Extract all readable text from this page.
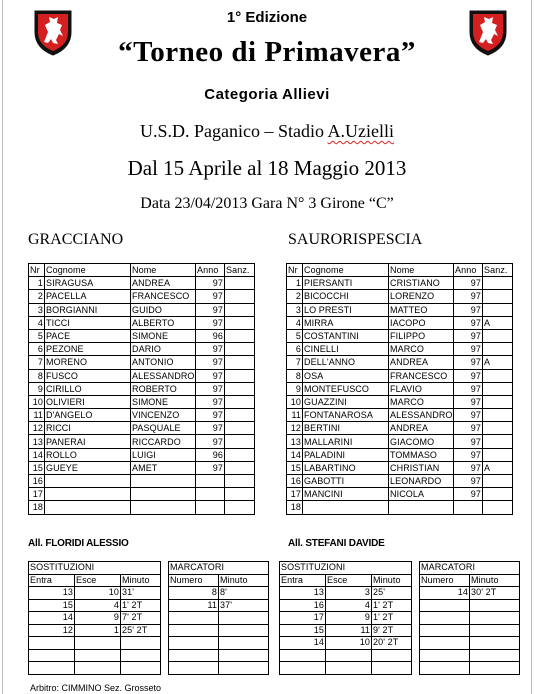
1° Edizione
“Torneo di Primavera”
Categoria Allievi
U.S.D. Paganico – Stadio A.Uzielli
Dal 15 Aprile al 18 Maggio 2013
Data 23/04/2013 Gara N° 3 Girone “C”
GRACCIANO	SAURORISPESCIA
Nr	Cognome	Nome	Anno	Sanz.
1	SIRAGUSA	ANDREA	97	
2	PACELLA	FRANCESCO	97	
3	BORGIANNI	GUIDO	97	
4	TICCI	ALBERTO	97	
5	PACE	SIMONE	96	
6	PEZONE	DARIO	97	
7	MORENO	ANTONIO	97	
8	FUSCO	ALESSANDRO	97	
9	CIRILLO	ROBERTO	97	
10	OLIVIERI	SIMONE	97	
11	D'ANGELO	VINCENZO	97	
12	RICCI	PASQUALE	97	
13	PANERAI	RICCARDO	97	
14	ROLLO	LUIGI	96	
15	GUEYE	AMET	97	
16				
17				
18				
Nr	Cognome	Nome	Anno	Sanz.
1	PIERSANTI	CRISTIANO	97	
2	BICOCCHI	LORENZO	97	
3	LO PRESTI	MATTEO	97	
4	MIRRA	IACOPO	97	A
5	COSTANTINI	FILIPPO	97	
6	CINELLI	MARCO	97	
7	DELL'ANNO	ANDREA	97	A
8	OSA	FRANCESCO	97	
9	MONTEFUSCO	FLAVIO	97	
10	GUAZZINI	MARCO	97	
11	FONTANAROSA	ALESSANDRO	97	
12	BERTINI	ANDREA	97	
13	MALLARINI	GIACOMO	97	
14	PALADINI	TOMMASO	97	
15	LABARTINO	CHRISTIAN	97	A
16	GABOTTI	LEONARDO	97	
17	MANCINI	NICOLA	97	
18				
All. FLORIDI ALESSIO	All. STEFANI DAVIDE
SOSTITUZIONI		
Entra	Esce	Minuto
13	10	31'
15	4	1' 2T
14	9	7' 2T
12	1	25' 2T

MARCATORI	
Numero	Minuto
8	8'
11	37'

SOSTITUZIONI		
Entra	Esce	Minuto
13	3	25'
16	4	1' 2T
17	9	1' 2T
15	11	9' 2T
14	10	20' 2T

MARCATORI	
Numero	Minuto
14	30' 2T

Arbitro: CIMMINO Sez. Grosseto
